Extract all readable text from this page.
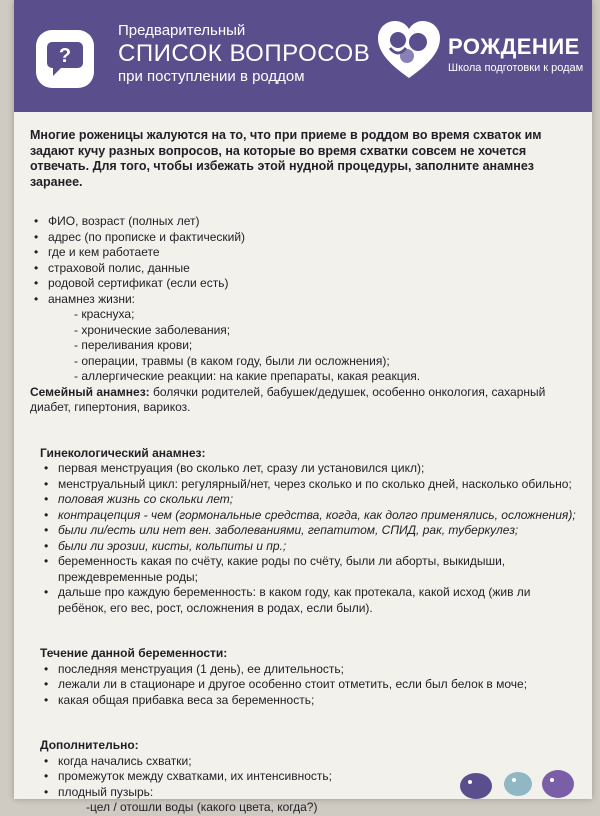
?
Предварительный
СПИСОК ВОПРОСОВ
при поступлении в роддом
РОЖДЕНИЕ
Школа подготовки к родам

Многие роженицы жалуются на то, что при приеме в роддом во время схваток им задают кучу разных вопросов, на которые во время схватки совсем не хочется отвечать. Для того, чтобы избежать этой нудной процедуры, заполните анамнез заранее.

• ФИО, возраст (полных лет)
• адрес (по прописке и фактический)
• где и кем работаете
• страховой полис, данные
• родовой сертификат (если есть)
• анамнез жизни:
- краснуха;
- хронические заболевания;
- переливания крови;
- операции, травмы (в каком году, были ли осложнения);
- аллергические реакции: на какие препараты, какая реакция.

Семейный анамнез: болячки родителей, бабушек/дедушек, особенно онкология, сахарный диабет, гипертония, варикоз.

Гинекологический анамнез:
• первая менструация (во сколько лет, сразу ли установился цикл);
• менструальный цикл: регулярный/нет, через сколько и по сколько дней, насколько обильно;
• половая жизнь со скольки лет;
• контрацепция - чем (гормональные средства, когда, как долго применялись, осложнения);
• были ли/есть или нет вен. заболеваниями, гепатитом, СПИД, рак, туберкулез;
• были ли эрозии, кисты, кольпиты и пр.;
• беременность какая по счёту, какие роды по счёту, были ли аборты, выкидыши, преждевременные роды;
• дальше про каждую беременность: в каком году, как протекала, какой исход (жив ли ребёнок, его вес, рост, осложнения в родах, если были).
Течение данной беременности:
• последняя менструация (1 день), ее длительность;
• лежали ли в стационаре и другое особенно стоит отметить, если был белок в моче;
• какая общая прибавка веса за беременность;
Дополнительно:
• когда начались схватки;
• промежуток между схватками, их интенсивность;
• плодный пузырь:
-цел / отошли воды (какого цвета, когда?)
